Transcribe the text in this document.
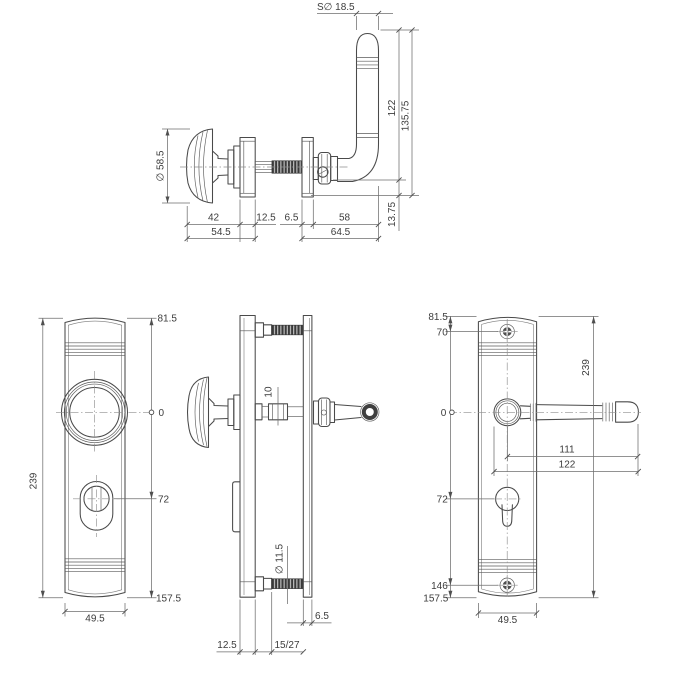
S∅ 18.5
∅ 58.5
122 135.75
13.75
42	12.5 6.5	58
54.5	64.5
81.5
0
72
157.5
239
49.5
10
∅ 11.5
6.5
12.5	15/27
81.5
70
0
72
146
157.5
239
111
122
49.5
